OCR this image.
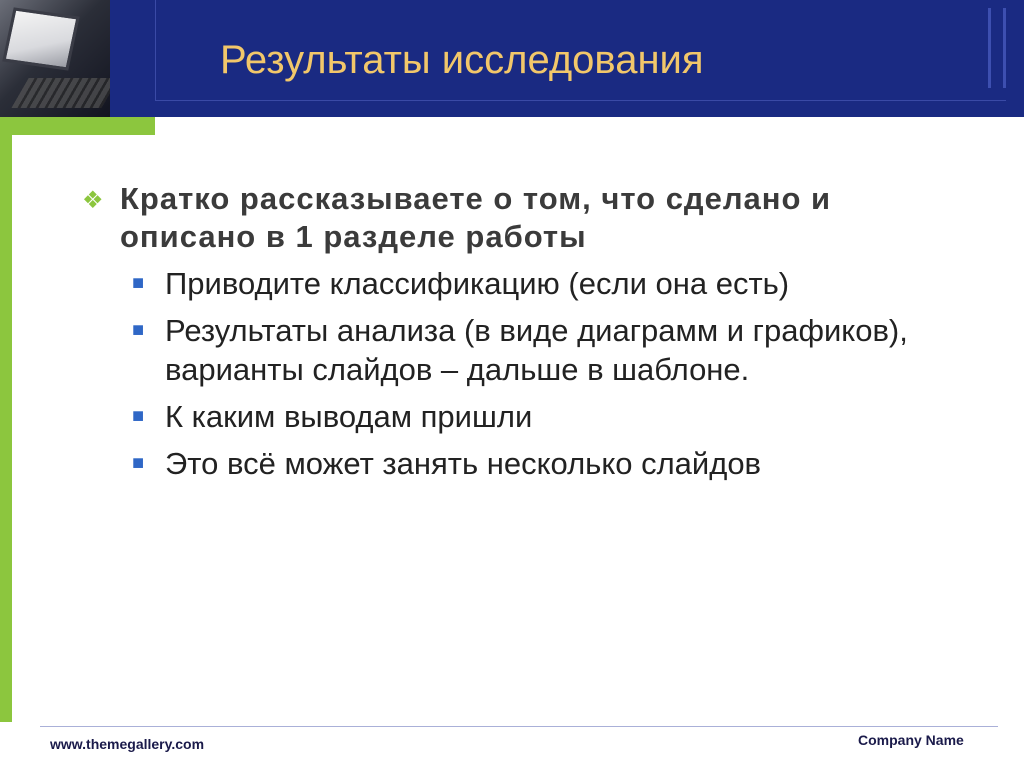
Результаты исследования
❖ Кратко рассказываете о том, что сделано и описано в 1 разделе работы
■ Приводите классификацию (если она есть)
■ Результаты анализа (в виде диаграмм и графиков), варианты слайдов – дальше в шаблоне.
■ К каким выводам пришли
■ Это всё может занять несколько слайдов
www.themegallery.com	Company Name
